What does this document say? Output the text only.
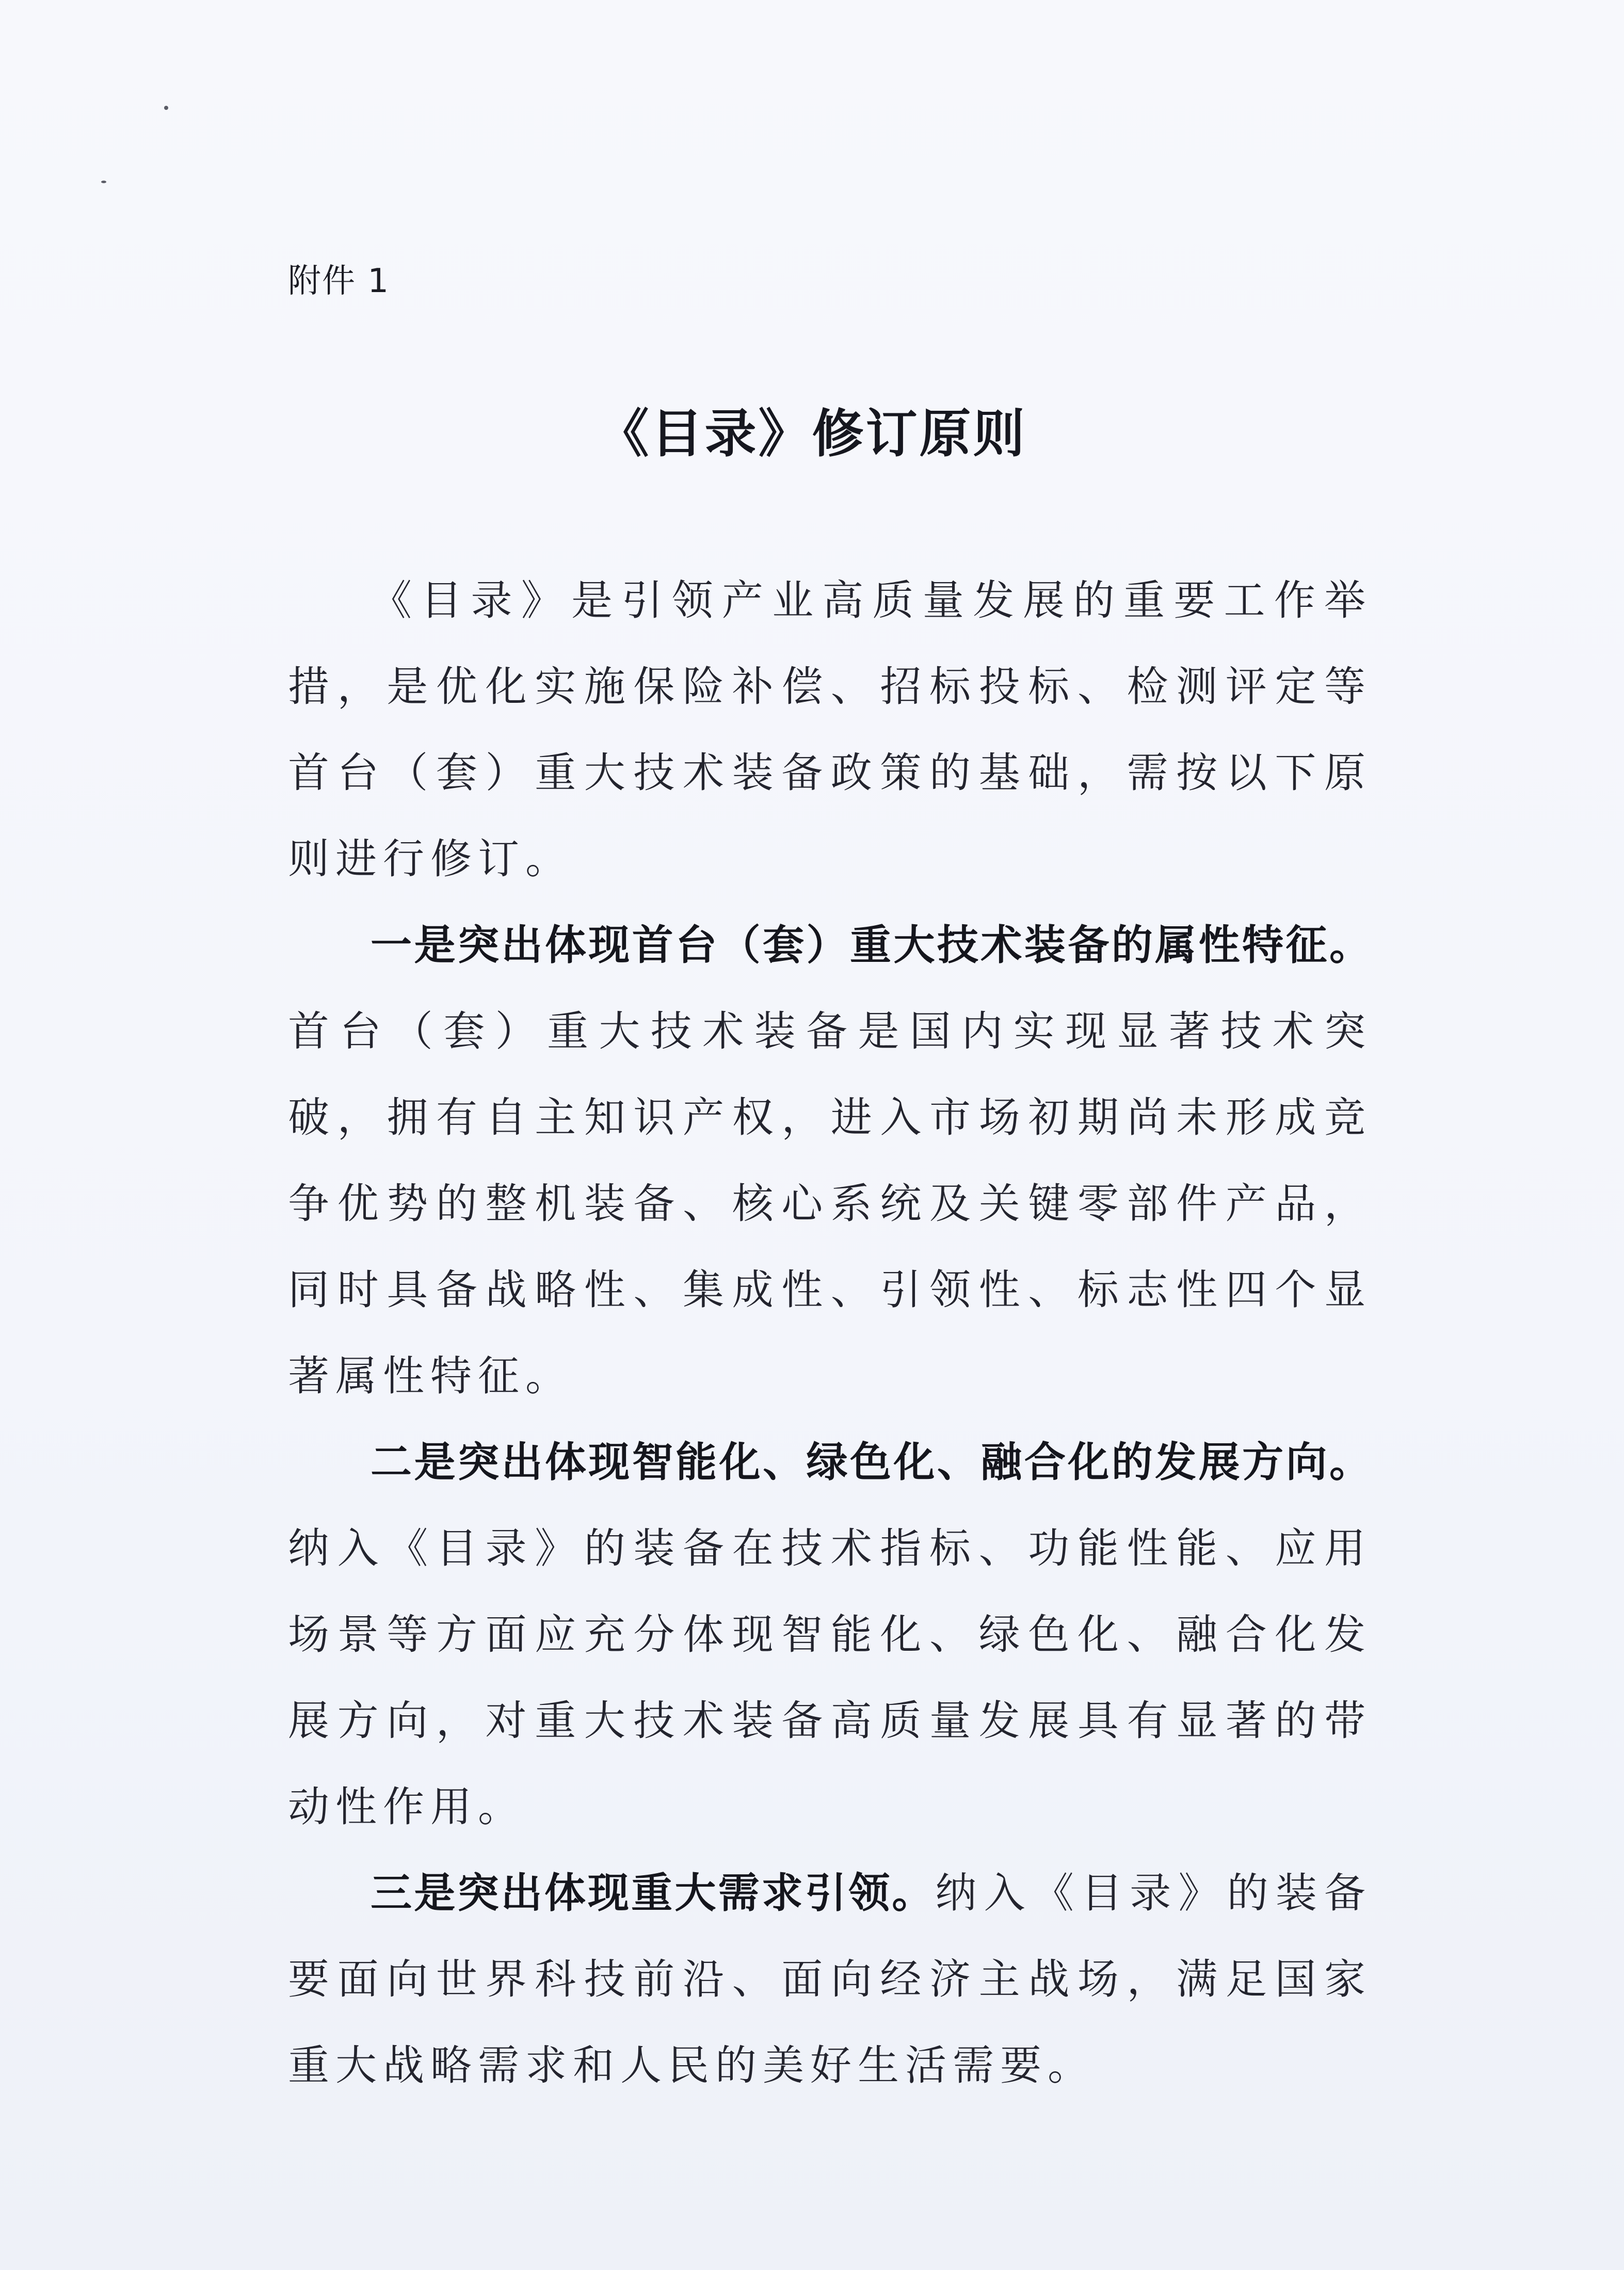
附件 1

《目录》修订原则

《目录》是引领产业高质量发展的重要工作举措，是优化实施保险补偿、招标投标、检测评定等首台（套）重大技术装备政策的基础，需按以下原则进行修订。

一是突出体现首台（套）重大技术装备的属性特征。首台（套）重大技术装备是国内实现显著技术突破，拥有自主知识产权，进入市场初期尚未形成竞争优势的整机装备、核心系统及关键零部件产品，同时具备战略性、集成性、引领性、标志性四个显著属性特征。

二是突出体现智能化、绿色化、融合化的发展方向。纳入《目录》的装备在技术指标、功能性能、应用场景等方面应充分体现智能化、绿色化、融合化发展方向，对重大技术装备高质量发展具有显著的带动性作用。

三是突出体现重大需求引领。纳入《目录》的装备要面向世界科技前沿、面向经济主战场，满足国家重大战略需求和人民的美好生活需要。
